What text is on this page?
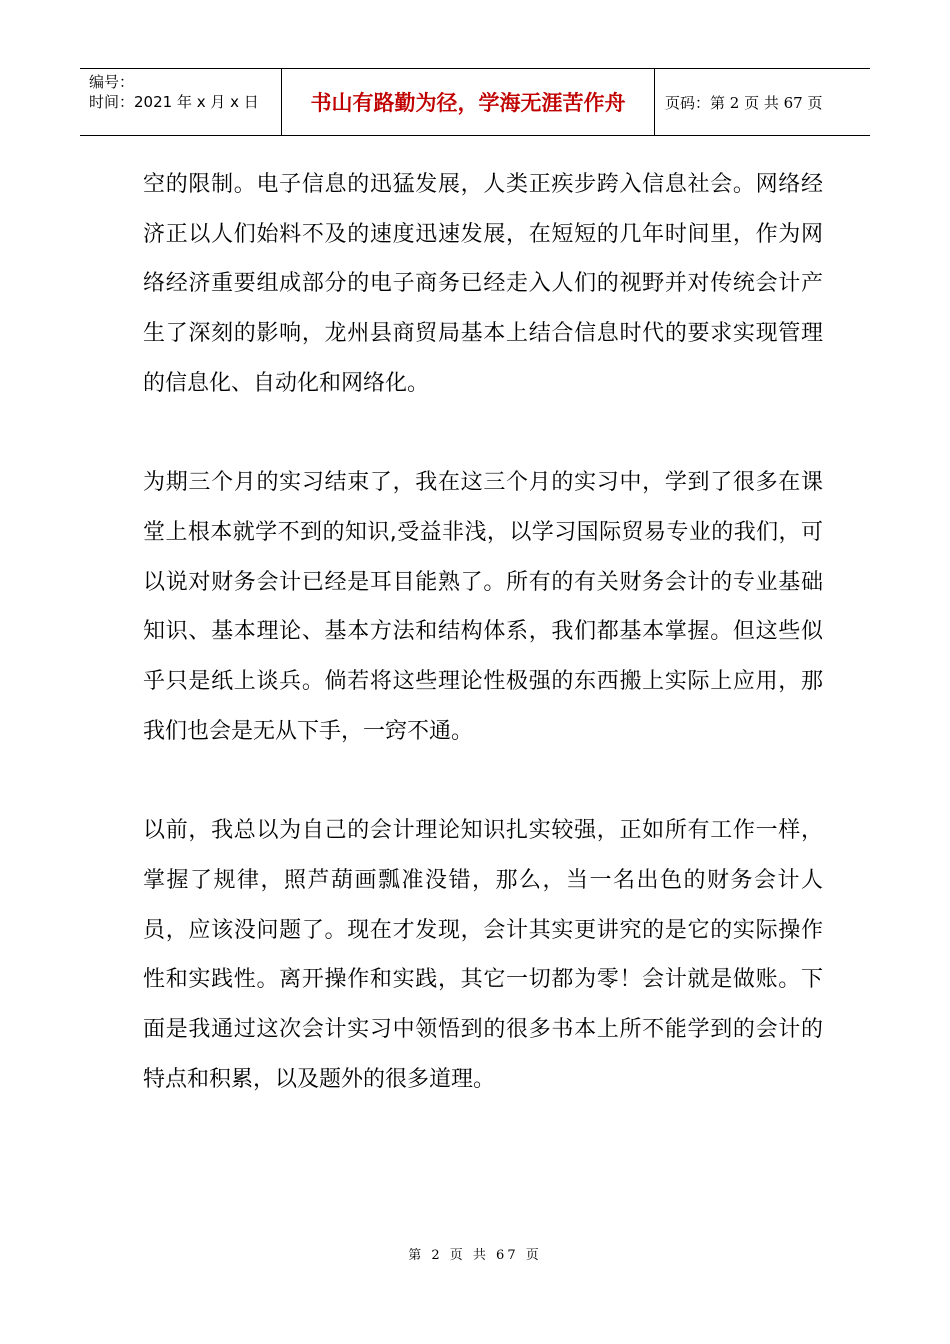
编号：
时间：2021 年 x 月 x 日	书山有路勤为径，学海无涯苦作舟	页码：第 2 页 共 67 页

空的限制。电子信息的迅猛发展，人类正疾步跨入信息社会。网络经济正以人们始料不及的速度迅速发展，在短短的几年时间里，作为网络经济重要组成部分的电子商务已经走入人们的视野并对传统会计产生了深刻的影响，龙州县商贸局基本上结合信息时代的要求实现管理的信息化、自动化和网络化。

为期三个月的实习结束了，我在这三个月的实习中，学到了很多在课堂上根本就学不到的知识,受益非浅，以学习国际贸易专业的我们，可以说对财务会计已经是耳目能熟了。所有的有关财务会计的专业基础知识、基本理论、基本方法和结构体系，我们都基本掌握。但这些似乎只是纸上谈兵。倘若将这些理论性极强的东西搬上实际上应用，那我们也会是无从下手，一窍不通。

以前，我总以为自己的会计理论知识扎实较强，正如所有工作一样，掌握了规律，照芦葫画瓢准没错，那么，当一名出色的财务会计人员，应该没问题了。现在才发现，会计其实更讲究的是它的实际操作性和实践性。离开操作和实践，其它一切都为零！会计就是做账。下面是我通过这次会计实习中领悟到的很多书本上所不能学到的会计的特点和积累，以及题外的很多道理。

第 2 页 共 67 页
